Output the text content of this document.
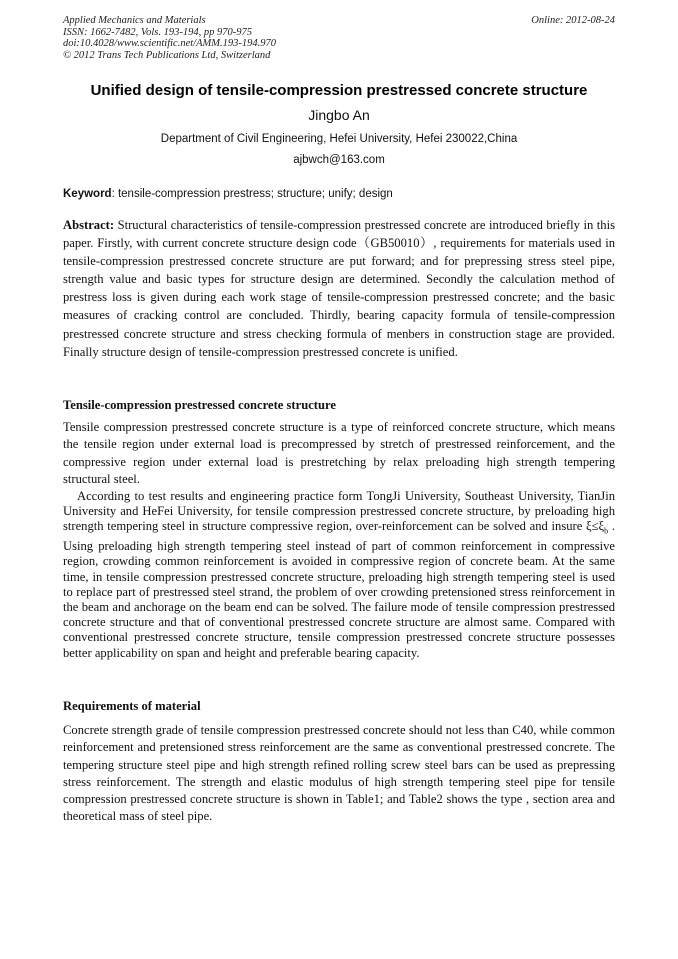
Applied Mechanics and Materials
ISSN: 1662-7482, Vols. 193-194, pp 970-975
doi:10.4028/www.scientific.net/AMM.193-194.970
© 2012 Trans Tech Publications Ltd, Switzerland
Online: 2012-08-24
Unified design of tensile-compression prestressed concrete structure
Jingbo An
Department of Civil Engineering, Hefei University, Hefei 230022,China
ajbwch@163.com
Keyword: tensile-compression prestress; structure; unify; design
Abstract: Structural characteristics of tensile-compression prestressed concrete are introduced briefly in this paper. Firstly, with current concrete structure design code（GB50010）, requirements for materials used in tensile-compression prestressed concrete structure are put forward; and for prepressing stress steel pipe, strength value and basic types for structure design are determined. Secondly the calculation method of prestress loss is given during each work stage of tensile-compression prestressed concrete; and the basic measures of cracking control are concluded. Thirdly, bearing capacity formula of tensile-compression prestressed concrete structure and stress checking formula of menbers in construction stage are provided. Finally structure design of tensile-compression prestressed concrete is unified.
Tensile-compression prestressed concrete structure
Tensile compression prestressed concrete structure is a type of reinforced concrete structure, which means the tensile region under external load is precompressed by stretch of prestressed reinforcement, and the compressive region under external load is prestretching by relax preloading high strength tempering structural steel.
According to test results and engineering practice form TongJi University, Southeast University, TianJin University and HeFei University, for tensile compression prestressed concrete structure, by preloading high strength tempering steel in structure compressive region, over-reinforcement can be solved and insure $\xi\le\xi_b$ . Using preloading high strength tempering steel instead of part of common reinforcement in compressive region, crowding common reinforcement is avoided in compressive region of concrete beam. At the same time, in tensile compression prestressed concrete structure, preloading high strength tempering steel is used to replace part of prestressed steel strand, the problem of over crowding pretensioned stress reinforcement in the beam and anchorage on the beam end can be solved. The failure mode of tensile compression prestressed concrete structure and that of conventional prestressed concrete structure are almost same. Compared with conventional prestressed concrete structure, tensile compression prestressed concrete structure possesses better applicability on span and height and preferable bearing capacity.
Requirements of material
Concrete strength grade of tensile compression prestressed concrete should not less than C40, while common reinforcement and pretensioned stress reinforcement are the same as conventional prestressed concrete. The tempering structure steel pipe and high strength refined rolling screw steel bars can be used as prepressing stress reinforcement. The strength and elastic modulus of high strength tempering steel pipe for tensile compression prestressed concrete structure is shown in Table1; and Table2 shows the type , section area and theoretical mass of steel pipe.
